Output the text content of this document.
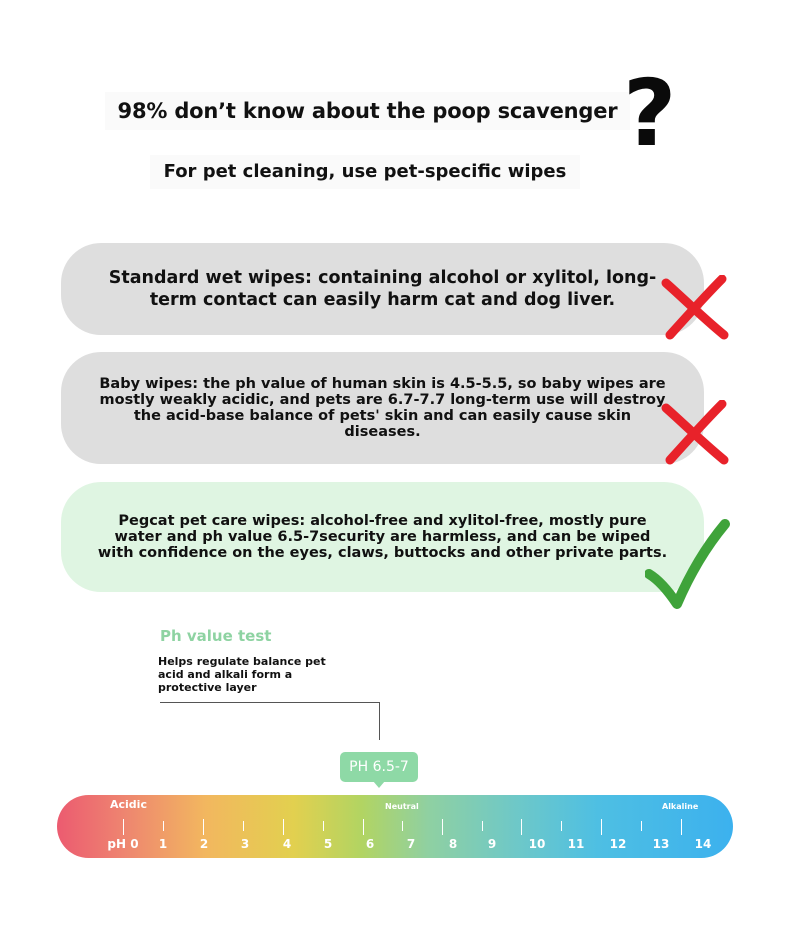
98% don’t know about the poop scavenger ?
For pet cleaning, use pet-specific wipes
Standard wet wipes: containing alcohol or xylitol, long-term contact can easily harm cat and dog liver.
Baby wipes: the ph value of human skin is 4.5-5.5, so baby wipes are mostly weakly acidic, and pets are 6.7-7.7 long-term use will destroy the acid-base balance of pets' skin and can easily cause skin diseases.
Pegcat pet care wipes: alcohol-free and xylitol-free, mostly pure water and ph value 6.5-7security are harmless, and can be wiped with confidence on the eyes, claws, buttocks and other private parts.
Ph value test
Helps regulate balance pet acid and alkali form a protective layer
PH 6.5-7
Acidic	Neutral	Alkaline
pH 0 1	2	3	4	5	6	7	8	9	10 11 12 13 14
